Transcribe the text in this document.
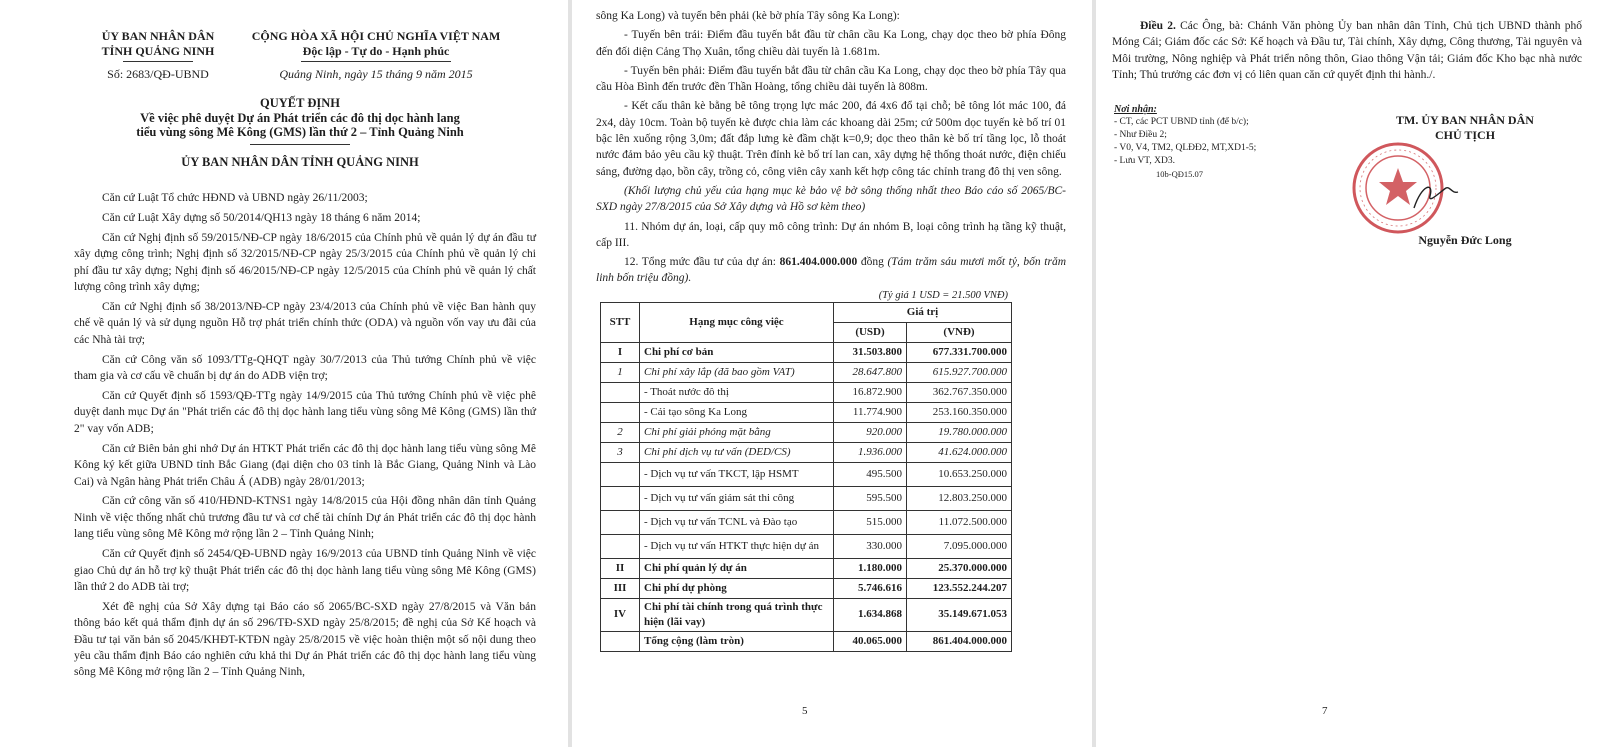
ỦY BAN NHÂN DÂN
TỈNH QUẢNG NINH
Số: 2683/QĐ-UBND
CỘNG HÒA XÃ HỘI CHỦ NGHĨA VIỆT NAM
Độc lập - Tự do - Hạnh phúc
Quảng Ninh, ngày 15 tháng 9 năm 2015
QUYẾT ĐỊNH
Về việc phê duyệt Dự án Phát triển các đô thị dọc hành lang
tiểu vùng sông Mê Kông (GMS) lần thứ 2 – Tỉnh Quảng Ninh
ỦY BAN NHÂN DÂN TỈNH QUẢNG NINH

Căn cứ Luật Tổ chức HĐND và UBND ngày 26/11/2003;

Căn cứ Luật Xây dựng số 50/2014/QH13 ngày 18 tháng 6 năm 2014;

Căn cứ Nghị định số 59/2015/NĐ-CP ngày 18/6/2015 của Chính phủ về quản lý dự án đầu tư xây dựng công trình; Nghị định số 32/2015/NĐ-CP ngày 25/3/2015 của Chính phủ về quản lý chi phí đầu tư xây dựng; Nghị định số 46/2015/NĐ-CP ngày 12/5/2015 của Chính phủ về quản lý chất lượng công trình xây dựng;

Căn cứ Nghị định số 38/2013/NĐ-CP ngày 23/4/2013 của Chính phủ về việc Ban hành quy chế về quản lý và sử dụng nguồn Hỗ trợ phát triển chính thức (ODA) và nguồn vốn vay ưu đãi của các Nhà tài trợ;

Căn cứ Công văn số 1093/TTg-QHQT ngày 30/7/2013 của Thủ tướng Chính phủ về việc tham gia và cơ cấu về chuẩn bị dự án do ADB viện trợ;

Căn cứ Quyết định số 1593/QĐ-TTg ngày 14/9/2015 của Thủ tướng Chính phủ về việc phê duyệt danh mục Dự án "Phát triển các đô thị dọc hành lang tiểu vùng sông Mê Kông (GMS) lần thứ 2" vay vốn ADB;

Căn cứ Biên bản ghi nhớ Dự án HTKT Phát triển các đô thị dọc hành lang tiểu vùng sông Mê Kông ký kết giữa UBND tỉnh Bắc Giang (đại diện cho 03 tỉnh là Bắc Giang, Quảng Ninh và Lào Cai) và Ngân hàng Phát triển Châu Á (ADB) ngày 28/01/2013;

Căn cứ công văn số 410/HĐND-KTNS1 ngày 14/8/2015 của Hội đồng nhân dân tỉnh Quảng Ninh về việc thống nhất chủ trương đầu tư và cơ chế tài chính Dự án Phát triển các đô thị dọc hành lang tiểu vùng sông Mê Kông mở rộng lần 2 – Tỉnh Quảng Ninh;

Căn cứ Quyết định số 2454/QĐ-UBND ngày 16/9/2013 của UBND tỉnh Quảng Ninh về việc giao Chủ dự án hỗ trợ kỹ thuật Phát triển các đô thị dọc hành lang tiểu vùng sông Mê Kông (GMS) lần thứ 2 do ADB tài trợ;

Xét đề nghị của Sở Xây dựng tại Báo cáo số 2065/BC-SXD ngày 27/8/2015 và Văn bản thông báo kết quả thẩm định dự án số 296/TĐ-SXD ngày 25/8/2015; đề nghị của Sở Kế hoạch và Đầu tư tại văn bản số 2045/KHĐT-KTĐN ngày 25/8/2015 về việc hoàn thiện một số nội dung theo yêu cầu thẩm định Báo cáo nghiên cứu khả thi Dự án Phát triển các đô thị dọc hành lang tiểu vùng sông Mê Kông mở rộng lần 2 – Tỉnh Quảng Ninh,

sông Ka Long) và tuyến bên phải (kè bờ phía Tây sông Ka Long):

- Tuyến bên trái: Điểm đầu tuyến bắt đầu từ chân cầu Ka Long, chạy dọc theo bờ phía Đông đến đối diện Cảng Thọ Xuân, tổng chiều dài tuyến là 1.681m.

- Tuyến bên phải: Điểm đầu tuyến bắt đầu từ chân cầu Ka Long, chạy dọc theo bờ phía Tây qua cầu Hòa Bình đến trước đền Thần Hoàng, tổng chiều dài tuyến là 808m.

- Kết cấu thân kè bằng bê tông trọng lực mác 200, đá 4x6 đổ tại chỗ; bê tông lót mác 100, đá 2x4, dày 10cm. Toàn bộ tuyến kè được chia làm các khoang dài 25m; cứ 500m dọc tuyến kè bố trí 01 bậc lên xuống rộng 3,0m; đất đắp lưng kè đầm chặt k=0,9; dọc theo thân kè bố trí tầng lọc, lỗ thoát nước đảm bảo yêu cầu kỹ thuật. Trên đỉnh kè bố trí lan can, xây dựng hệ thống thoát nước, điện chiếu sáng, đường dạo, bồn cây, trồng cỏ, công viên cây xanh kết hợp công tác chỉnh trang đô thị ven sông.

(Khối lượng chủ yếu của hạng mục kè bảo vệ bờ sông thống nhất theo Báo cáo số 2065/BC-SXD ngày 27/8/2015 của Sở Xây dựng và Hồ sơ kèm theo)

11. Nhóm dự án, loại, cấp quy mô công trình: Dự án nhóm B, loại công trình hạ tầng kỹ thuật, cấp III.

12. Tổng mức đầu tư của dự án: 861.404.000.000 đồng (Tám trăm sáu mươi mốt tỷ, bốn trăm linh bốn triệu đồng).

(Tỷ giá 1 USD = 21.500 VNĐ)

STT	Hạng mục công việc	Giá trị	
		(USD)	(VNĐ)
I	Chi phí cơ bản	31.503.800	677.331.700.000
1	Chi phí xây lắp (đã bao gồm VAT)	28.647.800	615.927.700.000
	- Thoát nước đô thị	16.872.900	362.767.350.000
	- Cải tạo sông Ka Long	11.774.900	253.160.350.000
2	Chi phí giải phóng mặt bằng	920.000	19.780.000.000
3	Chi phí dịch vụ tư vấn (DED/CS)	1.936.000	41.624.000.000
	- Dịch vụ tư vấn TKCT, lập HSMT	495.500	10.653.250.000
	- Dịch vụ tư vấn giám sát thi công	595.500	12.803.250.000
	- Dịch vụ tư vấn TCNL và Đào tạo	515.000	11.072.500.000
	- Dịch vụ tư vấn HTKT thực hiện dự án	330.000	7.095.000.000
II	Chi phí quản lý dự án	1.180.000	25.370.000.000
III	Chi phí dự phòng	5.746.616	123.552.244.207
IV	Chi phí tài chính trong quá trình thực hiện (lãi vay)	1.634.868	35.149.671.053
	Tổng cộng (làm tròn)	40.065.000	861.404.000.000
5

Điều 2. Các Ông, bà: Chánh Văn phòng Ủy ban nhân dân Tỉnh, Chủ tịch UBND thành phố Móng Cái; Giám đốc các Sở: Kế hoạch và Đầu tư, Tài chính, Xây dựng, Công thương, Tài nguyên và Môi trường, Nông nghiệp và Phát triển nông thôn, Giao thông Vận tải; Giám đốc Kho bạc nhà nước Tỉnh; Thủ trưởng các đơn vị có liên quan căn cứ quyết định thi hành./.

Nơi nhận:
- CT, các PCT UBND tỉnh (để b/c);
- Như Điều 2;
- V0, V4, TM2, QLĐĐ2, MT,XD1-5;
- Lưu VT, XD3.
10b-QĐ15.07
TM. ỦY BAN NHÂN DÂN
CHỦ TỊCH
Nguyễn Đức Long
7
